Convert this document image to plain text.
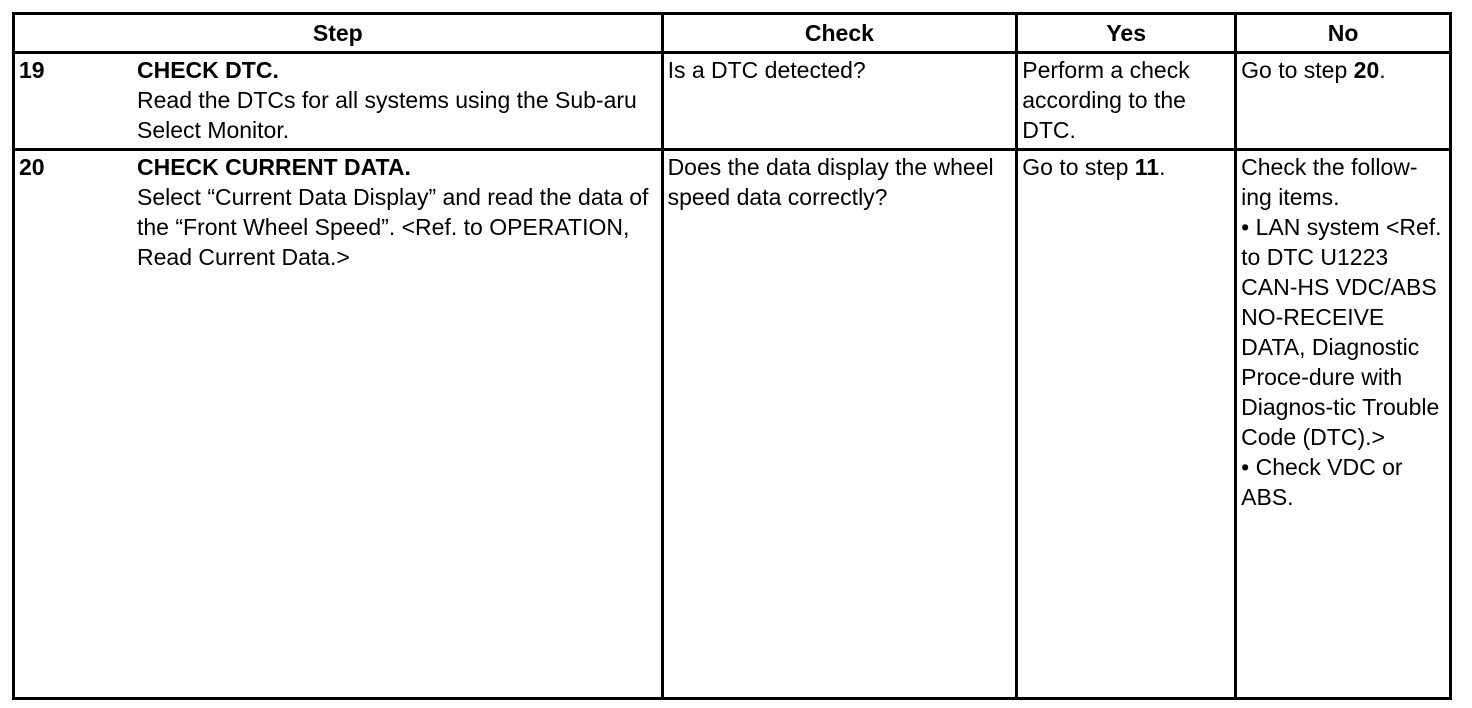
Step	Check	Yes	No

19 CHECK DTC.
Read the DTCs for all systems using the Sub-aru Select Monitor.	Is a DTC detected?	Perform a check according to the DTC.	Go to step 20.

20 CHECK CURRENT DATA.
Select “Current Data Display” and read the data of the “Front Wheel Speed”. <Ref. to OPERATION, Read Current Data.>	Does the data display the wheel speed data correctly?	Go to step 11.	Check the follow-ing items.
• LAN system <Ref. to DTC U1223 CAN-HS VDC/ABS NO-RECEIVE DATA, Diagnostic Proce-dure with Diagnos-tic Trouble Code (DTC).>
• Check VDC or ABS.
